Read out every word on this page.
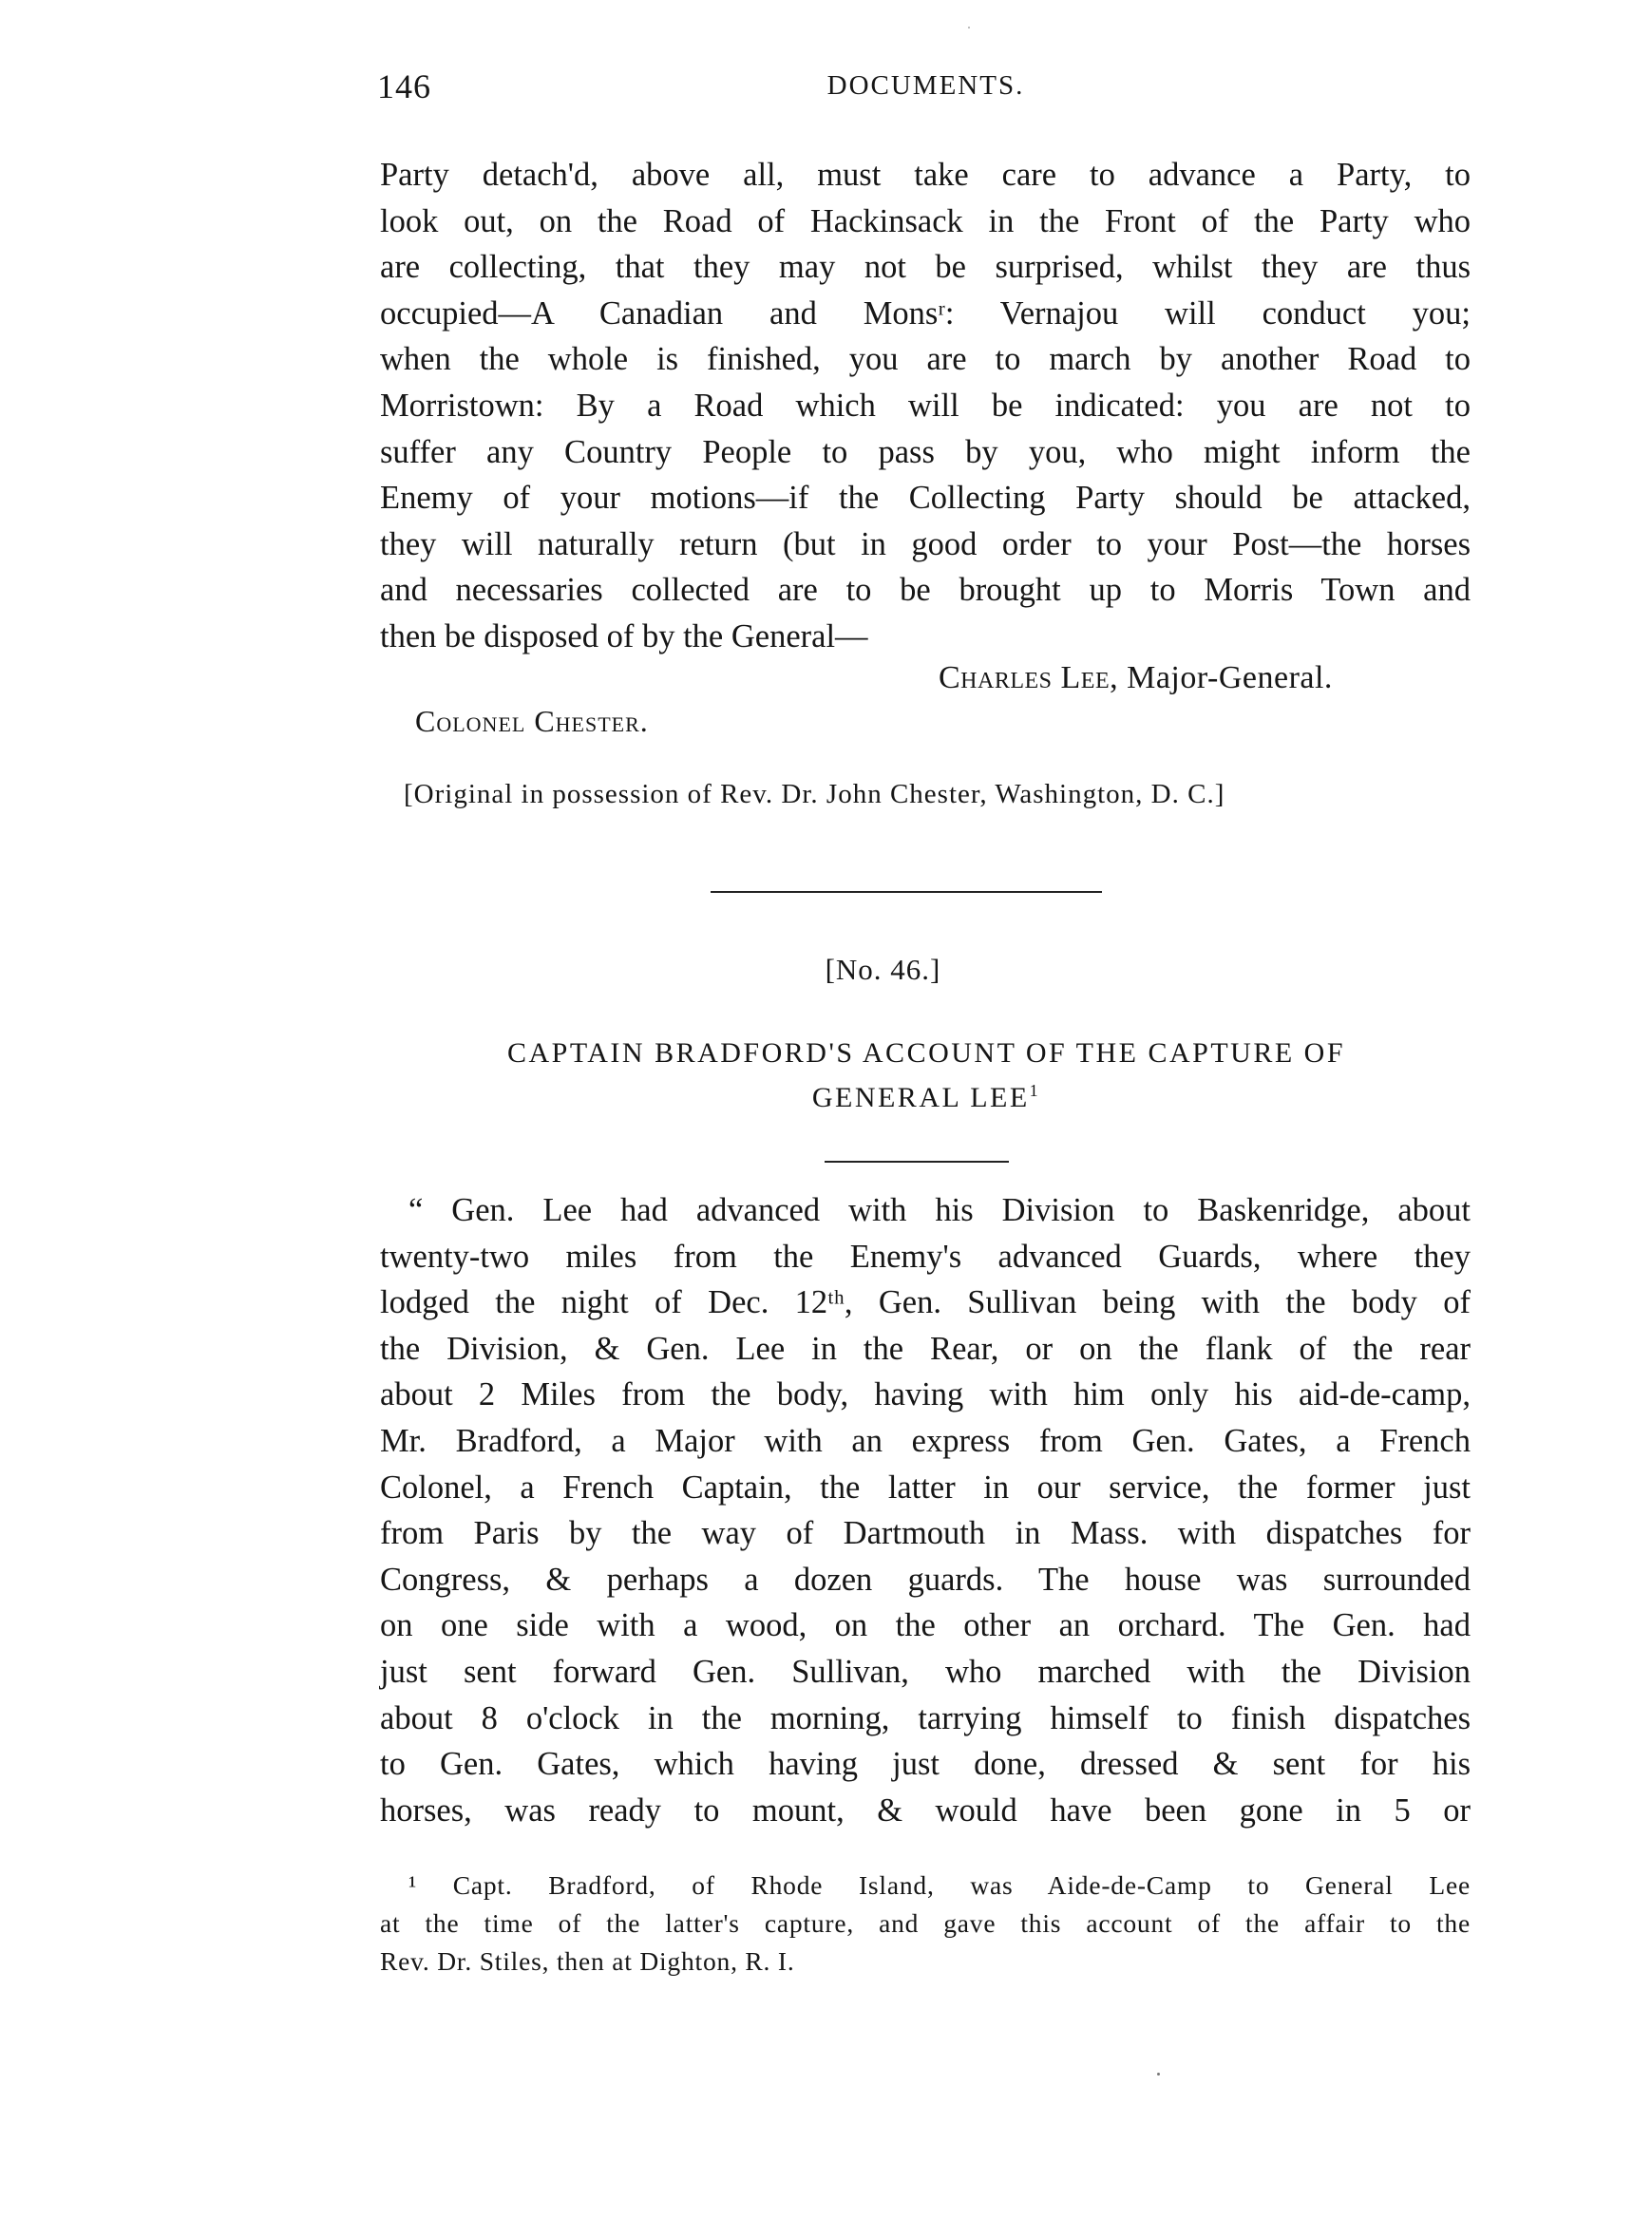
146	DOCUMENTS.
Party detach'd, above all, must take care to advance a Party, to
look out, on the Road of Hackinsack in the Front of the Party who
are collecting, that they may not be surprised, whilst they are thus
occupied—A Canadian and Monsʳ: Vernajou will conduct you;
when the whole is finished, you are to march by another Road to
Morristown: By a Road which will be indicated: you are not to
suffer any Country People to pass by you, who might inform the
Enemy of your motions—if the Collecting Party should be attacked,
they will naturally return (but in good order to your Post—the horses
and necessaries collected are to be brought up to Morris Town and
then be disposed of by the General—
Charles Lee, Major-General.
Colonel Chester.
[Original in possession of Rev. Dr. John Chester, Washington, D. C.]
[No. 46.]
CAPTAIN BRADFORD'S ACCOUNT OF THE CAPTURE OF
GENERAL LEE$^1$
“ Gen. Lee had advanced with his Division to Baskenridge, about
twenty-two miles from the Enemy's advanced Guards, where they
lodged the night of Dec. 12ᵗʰ, Gen. Sullivan being with the body of
the Division, & Gen. Lee in the Rear, or on the flank of the rear
about 2 Miles from the body, having with him only his aid-de-camp,
Mr. Bradford, a Major with an express from Gen. Gates, a French
Colonel, a French Captain, the latter in our service, the former just
from Paris by the way of Dartmouth in Mass. with dispatches for
Congress, & perhaps a dozen guards. The house was surrounded
on one side with a wood, on the other an orchard. The Gen. had
just sent forward Gen. Sullivan, who marched with the Division
about 8 o'clock in the morning, tarrying himself to finish dispatches
to Gen. Gates, which having just done, dressed & sent for his
horses, was ready to mount, & would have been gone in 5 or
¹ Capt. Bradford, of Rhode Island, was Aide-de-Camp to General Lee
at the time of the latter's capture, and gave this account of the affair to the
Rev. Dr. Stiles, then at Dighton, R. I.
